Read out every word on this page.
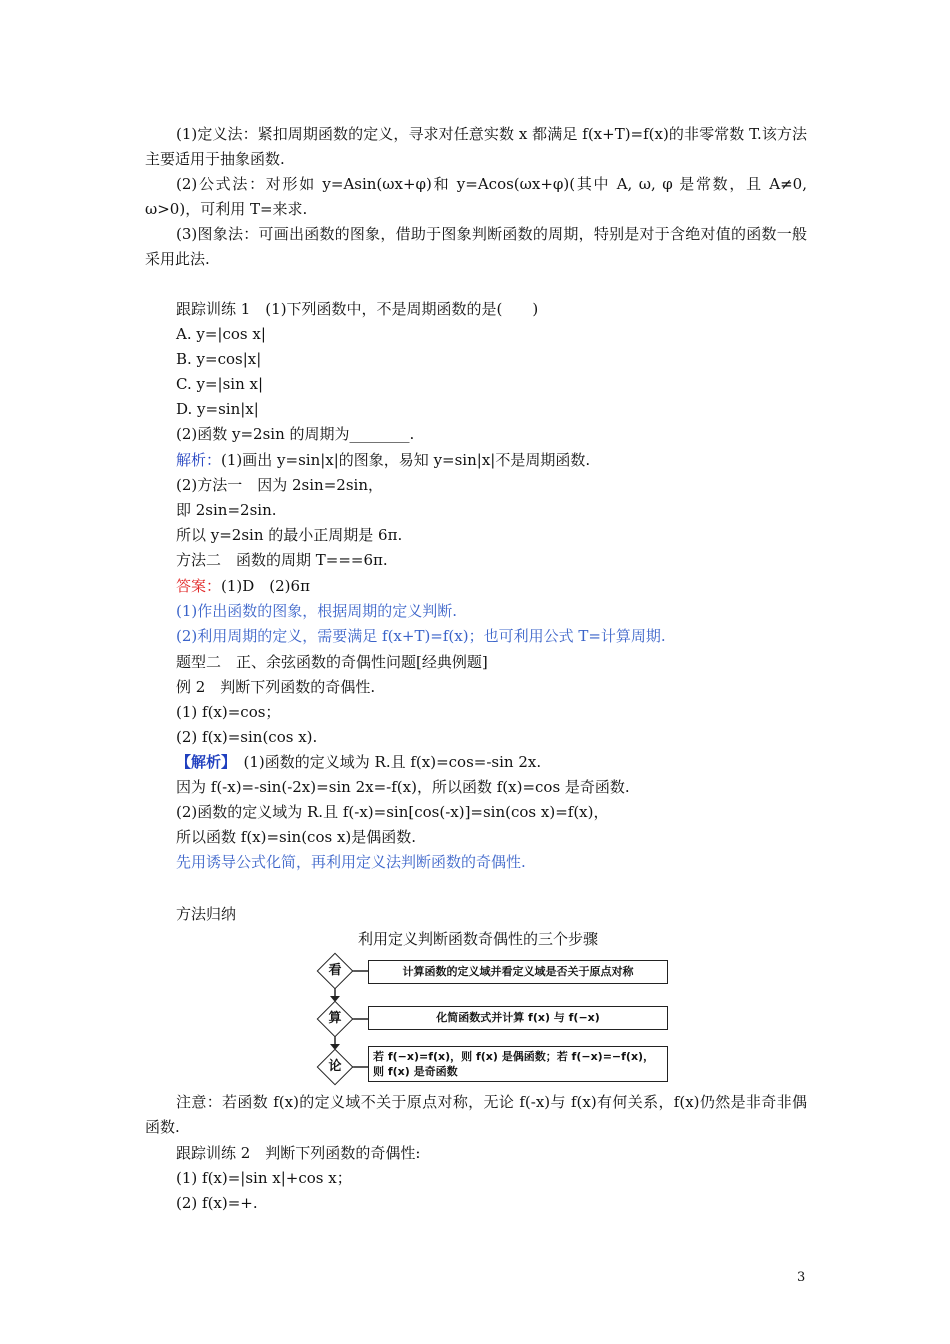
(1)定义法：紧扣周期函数的定义，寻求对任意实数 x 都满足 f(x+T)=f(x)的非零常数 T.该方法主要适用于抽象函数.
(2)公式法：对形如 y=Asin(ωx+φ)和 y=Acos(ωx+φ)(其中 A, ω, φ 是常数，且 A≠0, ω>0)，可利用 T=来求.
(3)图象法：可画出函数的图象，借助于图象判断函数的周期，特别是对于含绝对值的函数一般采用此法.
跟踪训练 1　(1)下列函数中，不是周期函数的是(　　)
A. y=|cos x|
B. y=cos|x|
C. y=|sin x|
D. y=sin|x|
(2)函数 y=2sin 的周期为________.
解析：(1)画出 y=sin|x|的图象，易知 y=sin|x|不是周期函数.
(2)方法一　因为 2sin=2sin，
即 2sin=2sin.
所以 y=2sin 的最小正周期是 6π.
方法二　函数的周期 T===6π.
答案：(1)D　(2)6π
(1)作出函数的图象，根据周期的定义判断.
(2)利用周期的定义，需要满足 f(x+T)=f(x)；也可利用公式 T=计算周期.
题型二　正、余弦函数的奇偶性问题[经典例题]
例 2　判断下列函数的奇偶性.
(1) f(x)=cos；
(2) f(x)=sin(cos x).
【解析】　(1)函数的定义域为 R.且 f(x)=cos=-sin 2x.
因为 f(-x)=-sin(-2x)=sin 2x=-f(x)，所以函数 f(x)=cos 是奇函数.
(2)函数的定义域为 R.且 f(-x)=sin[cos(-x)]=sin(cos x)=f(x)，
所以函数 f(x)=sin(cos x)是偶函数.
先用诱导公式化简，再利用定义法判断函数的奇偶性.
方法归纳
利用定义判断函数奇偶性的三个步骤
看	计算函数的定义域并看定义域是否关于原点对称
算	化简函数式并计算 f(x) 与 f(−x)
论
若 f(−x)=f(x)，则 f(x) 是偶函数；若 f(−x)=−f(x)，则 f(x) 是奇函数
注意：若函数 f(x)的定义域不关于原点对称，无论 f(-x)与 f(x)有何关系，f(x)仍然是非奇非偶函数.
跟踪训练 2　判断下列函数的奇偶性:
(1) f(x)=|sin x|+cos x；
(2) f(x)=+.
3
